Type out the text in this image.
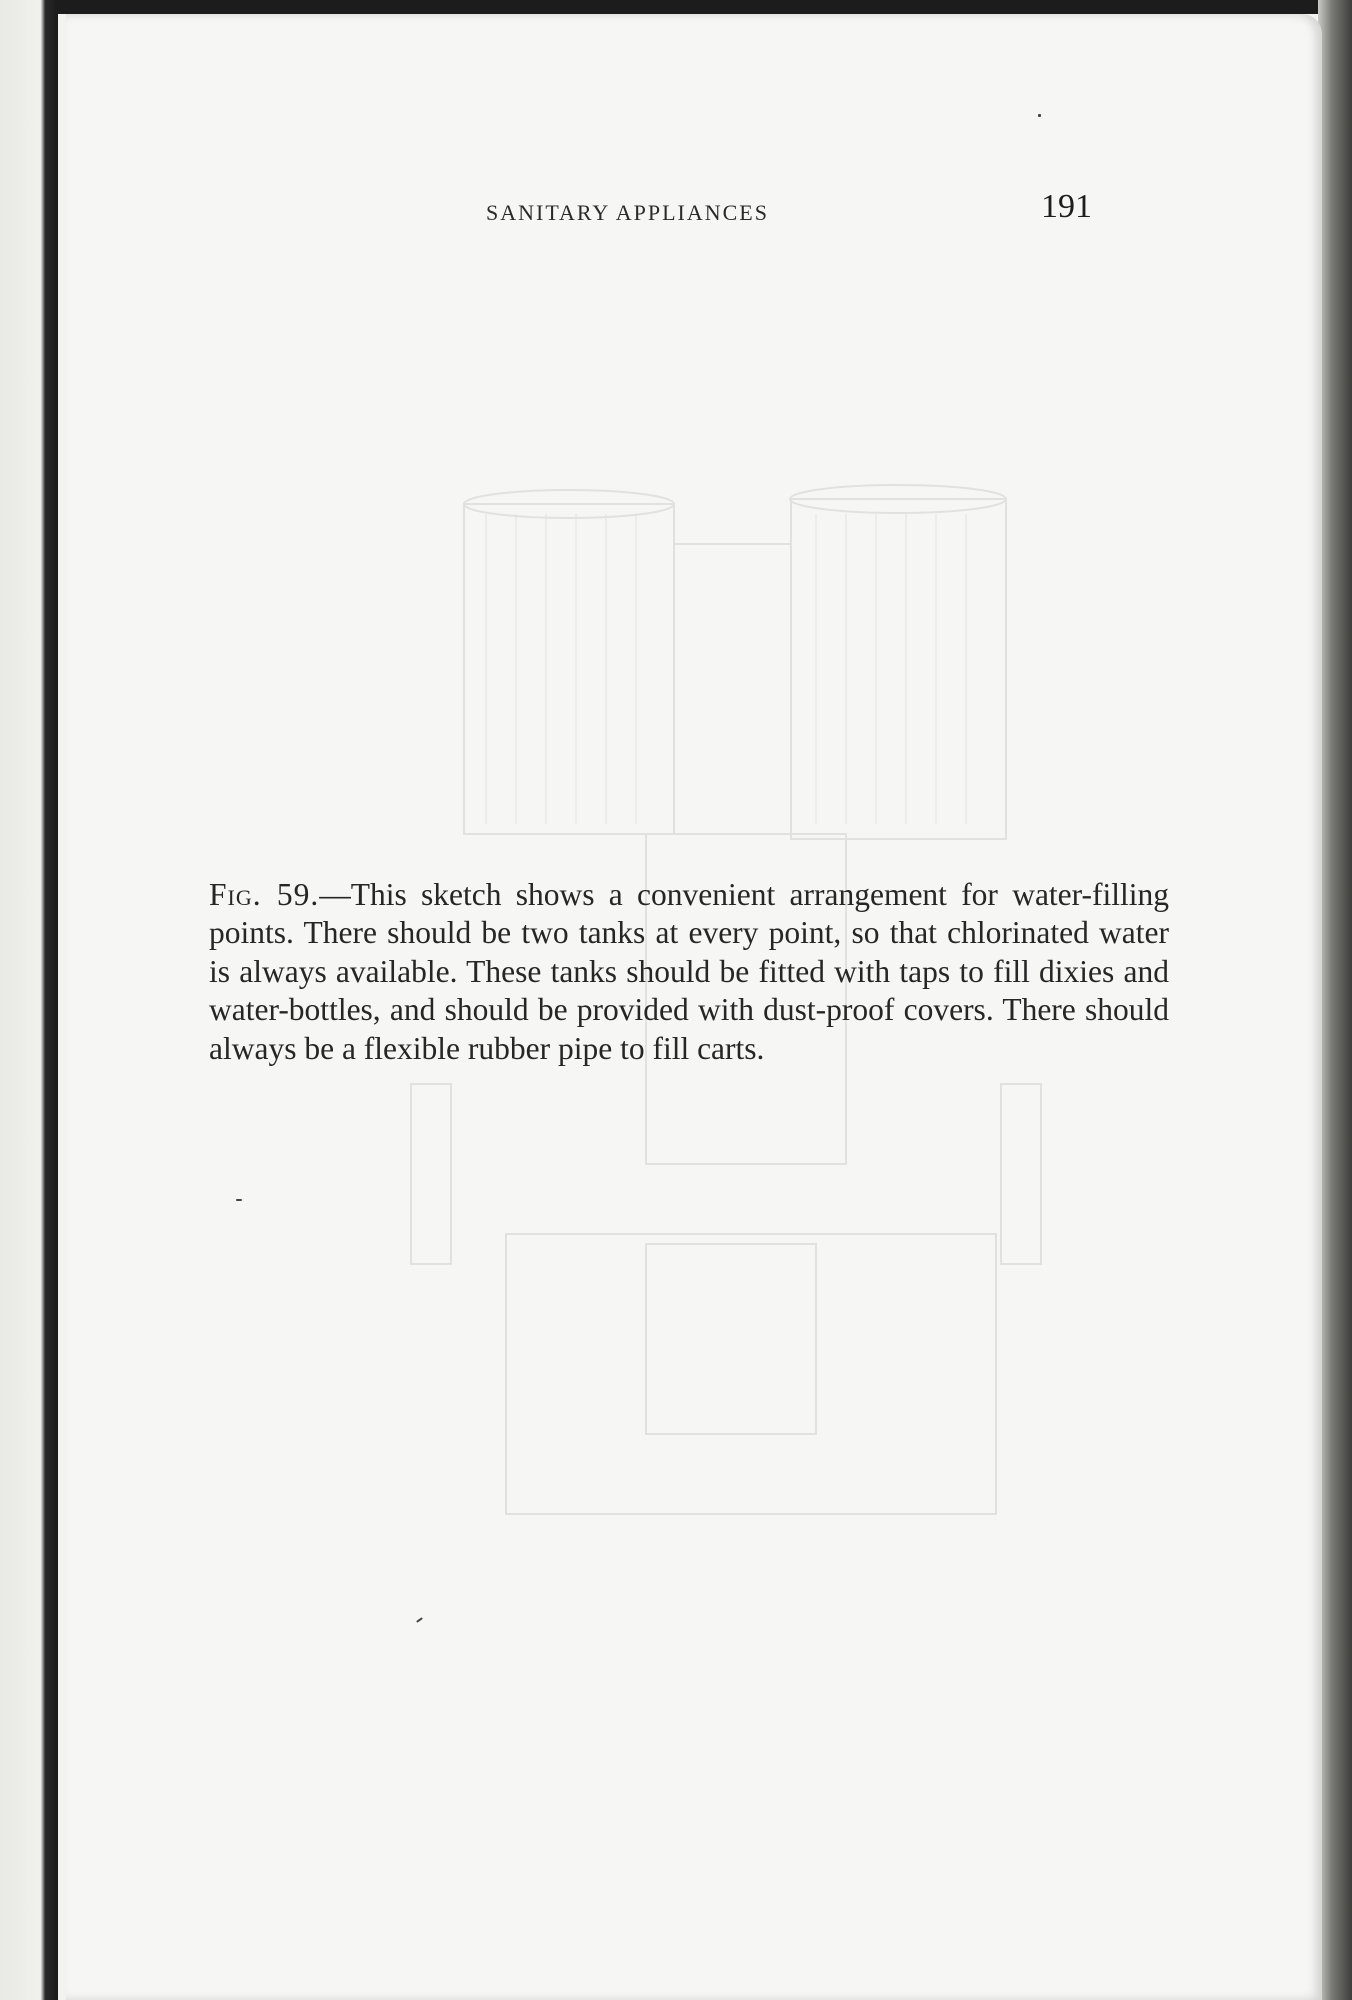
SANITARY APPLIANCES	191

Fig. 59.—This sketch shows a convenient arrangement for water-filling points. There should be two tanks at every point, so that chlorinated water is always available. These tanks should be fitted with taps to fill dixies and water-bottles, and should be provided with dust-proof covers. There should always be a flexible rubber pipe to fill carts.
